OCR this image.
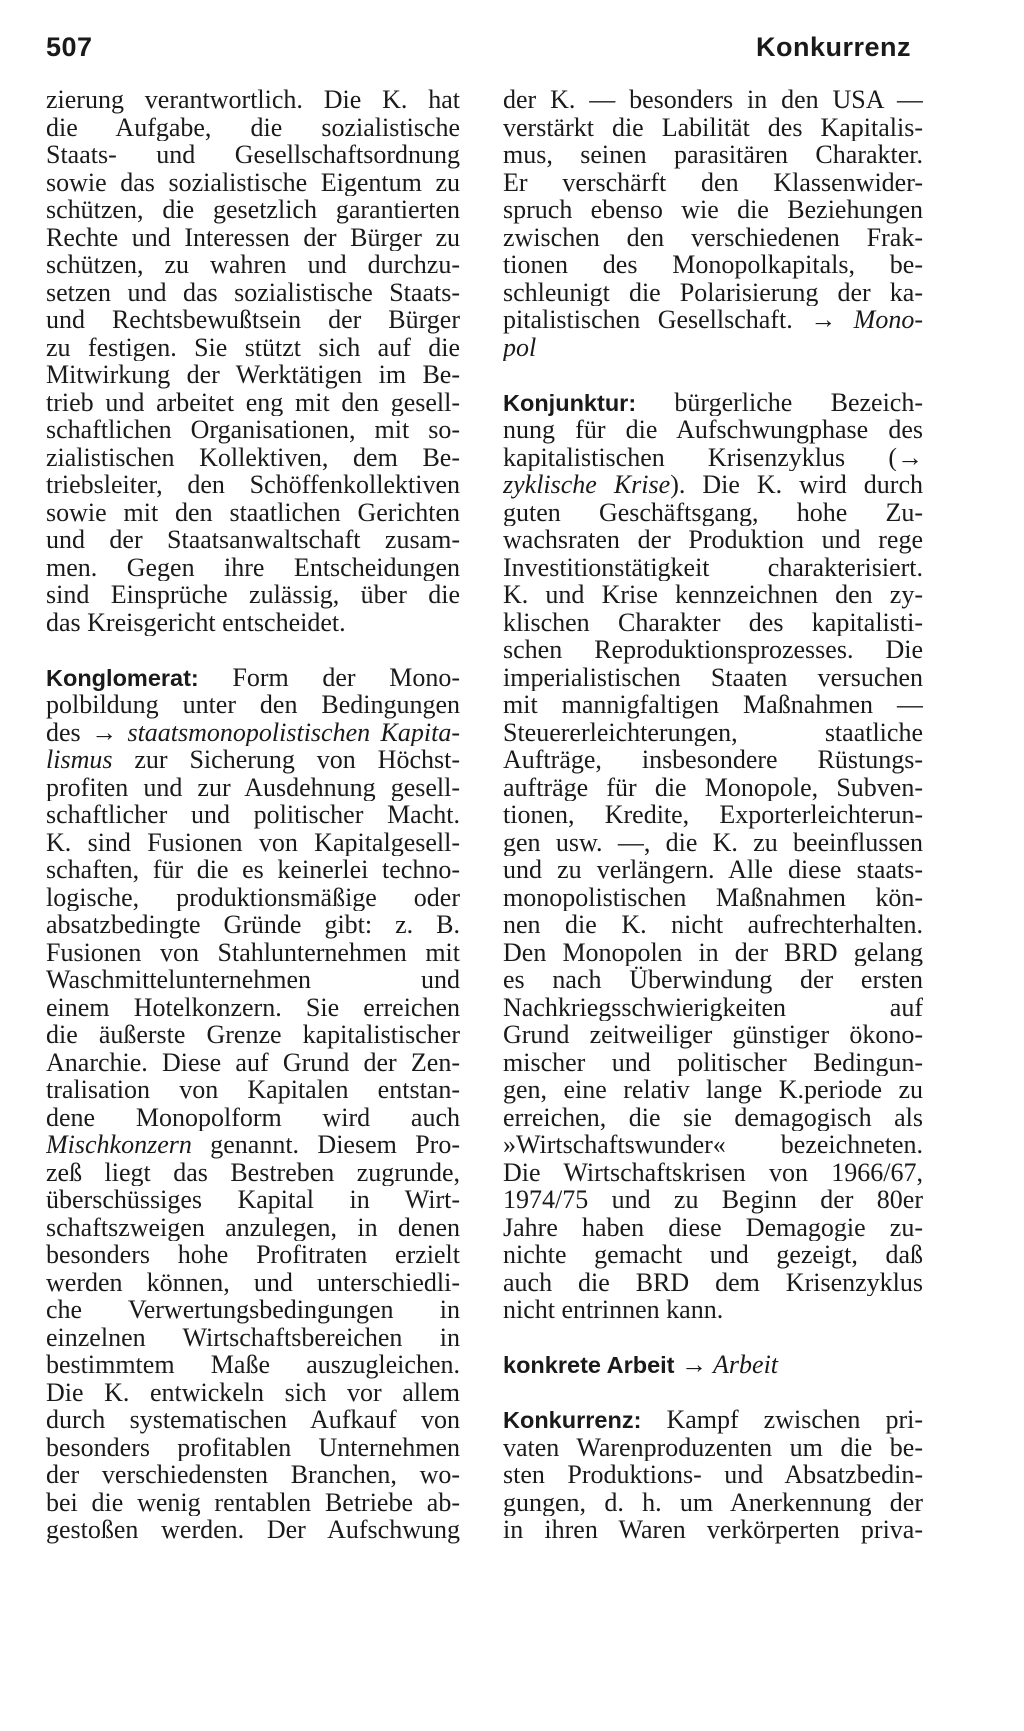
507	Konkurrenz
zierung verantwortlich. Die K. hat
die Aufgabe, die sozialistische
Staats- und Gesellschaftsordnung
sowie das sozialistische Eigentum zu
schützen, die gesetzlich garantierten
Rechte und Interessen der Bürger zu
schützen, zu wahren und durchzu-
setzen und das sozialistische Staats-
und Rechtsbewußtsein der Bürger
zu festigen. Sie stützt sich auf die
Mitwirkung der Werktätigen im Be-
trieb und arbeitet eng mit den gesell-
schaftlichen Organisationen, mit so-
zialistischen Kollektiven, dem Be-
triebsleiter, den Schöffenkollektiven
sowie mit den staatlichen Gerichten
und der Staatsanwaltschaft zusam-
men. Gegen ihre Entscheidungen
sind Einsprüche zulässig, über die
das Kreisgericht entscheidet.
Konglomerat: Form der Mono-
polbildung unter den Bedingungen
des → staatsmonopolistischen Kapita-
lismus zur Sicherung von Höchst-
profiten und zur Ausdehnung gesell-
schaftlicher und politischer Macht.
K. sind Fusionen von Kapitalgesell-
schaften, für die es keinerlei techno-
logische, produktionsmäßige oder
absatzbedingte Gründe gibt: z. B.
Fusionen von Stahlunternehmen mit
Waschmittelunternehmen und
einem Hotelkonzern. Sie erreichen
die äußerste Grenze kapitalistischer
Anarchie. Diese auf Grund der Zen-
tralisation von Kapitalen entstan-
dene Monopolform wird auch
Mischkonzern genannt. Diesem Pro-
zeß liegt das Bestreben zugrunde,
überschüssiges Kapital in Wirt-
schaftszweigen anzulegen, in denen
besonders hohe Profitraten erzielt
werden können, und unterschiedli-
che Verwertungsbedingungen in
einzelnen Wirtschaftsbereichen in
bestimmtem Maße auszugleichen.
Die K. entwickeln sich vor allem
durch systematischen Aufkauf von
besonders profitablen Unternehmen
der verschiedensten Branchen, wo-
bei die wenig rentablen Betriebe ab-
gestoßen werden. Der Aufschwung
der K. — besonders in den USA —
verstärkt die Labilität des Kapitalis-
mus, seinen parasitären Charakter.
Er verschärft den Klassenwider-
spruch ebenso wie die Beziehungen
zwischen den verschiedenen Frak-
tionen des Monopolkapitals, be-
schleunigt die Polarisierung der ka-
pitalistischen Gesellschaft. → Mono-
pol
Konjunktur: bürgerliche Bezeich-
nung für die Aufschwungphase des
kapitalistischen Krisenzyklus (→
zyklische Krise). Die K. wird durch
guten Geschäftsgang, hohe Zu-
wachsraten der Produktion und rege
Investitionstätigkeit charakterisiert.
K. und Krise kennzeichnen den zy-
klischen Charakter des kapitalisti-
schen Reproduktionsprozesses. Die
imperialistischen Staaten versuchen
mit mannigfaltigen Maßnahmen —
Steuererleichterungen, staatliche
Aufträge, insbesondere Rüstungs-
aufträge für die Monopole, Subven-
tionen, Kredite, Exporterleichterun-
gen usw. —, die K. zu beeinflussen
und zu verlängern. Alle diese staats-
monopolistischen Maßnahmen kön-
nen die K. nicht aufrechterhalten.
Den Monopolen in der BRD gelang
es nach Überwindung der ersten
Nachkriegsschwierigkeiten auf
Grund zeitweiliger günstiger ökono-
mischer und politischer Bedingun-
gen, eine relativ lange K.periode zu
erreichen, die sie demagogisch als
»Wirtschaftswunder« bezeichneten.
Die Wirtschaftskrisen von 1966/67,
1974/75 und zu Beginn der 80er
Jahre haben diese Demagogie zu-
nichte gemacht und gezeigt, daß
auch die BRD dem Krisenzyklus
nicht entrinnen kann.
konkrete Arbeit → Arbeit
Konkurrenz: Kampf zwischen pri-
vaten Warenproduzenten um die be-
sten Produktions- und Absatzbedin-
gungen, d. h. um Anerkennung der
in ihren Waren verkörperten priva-
